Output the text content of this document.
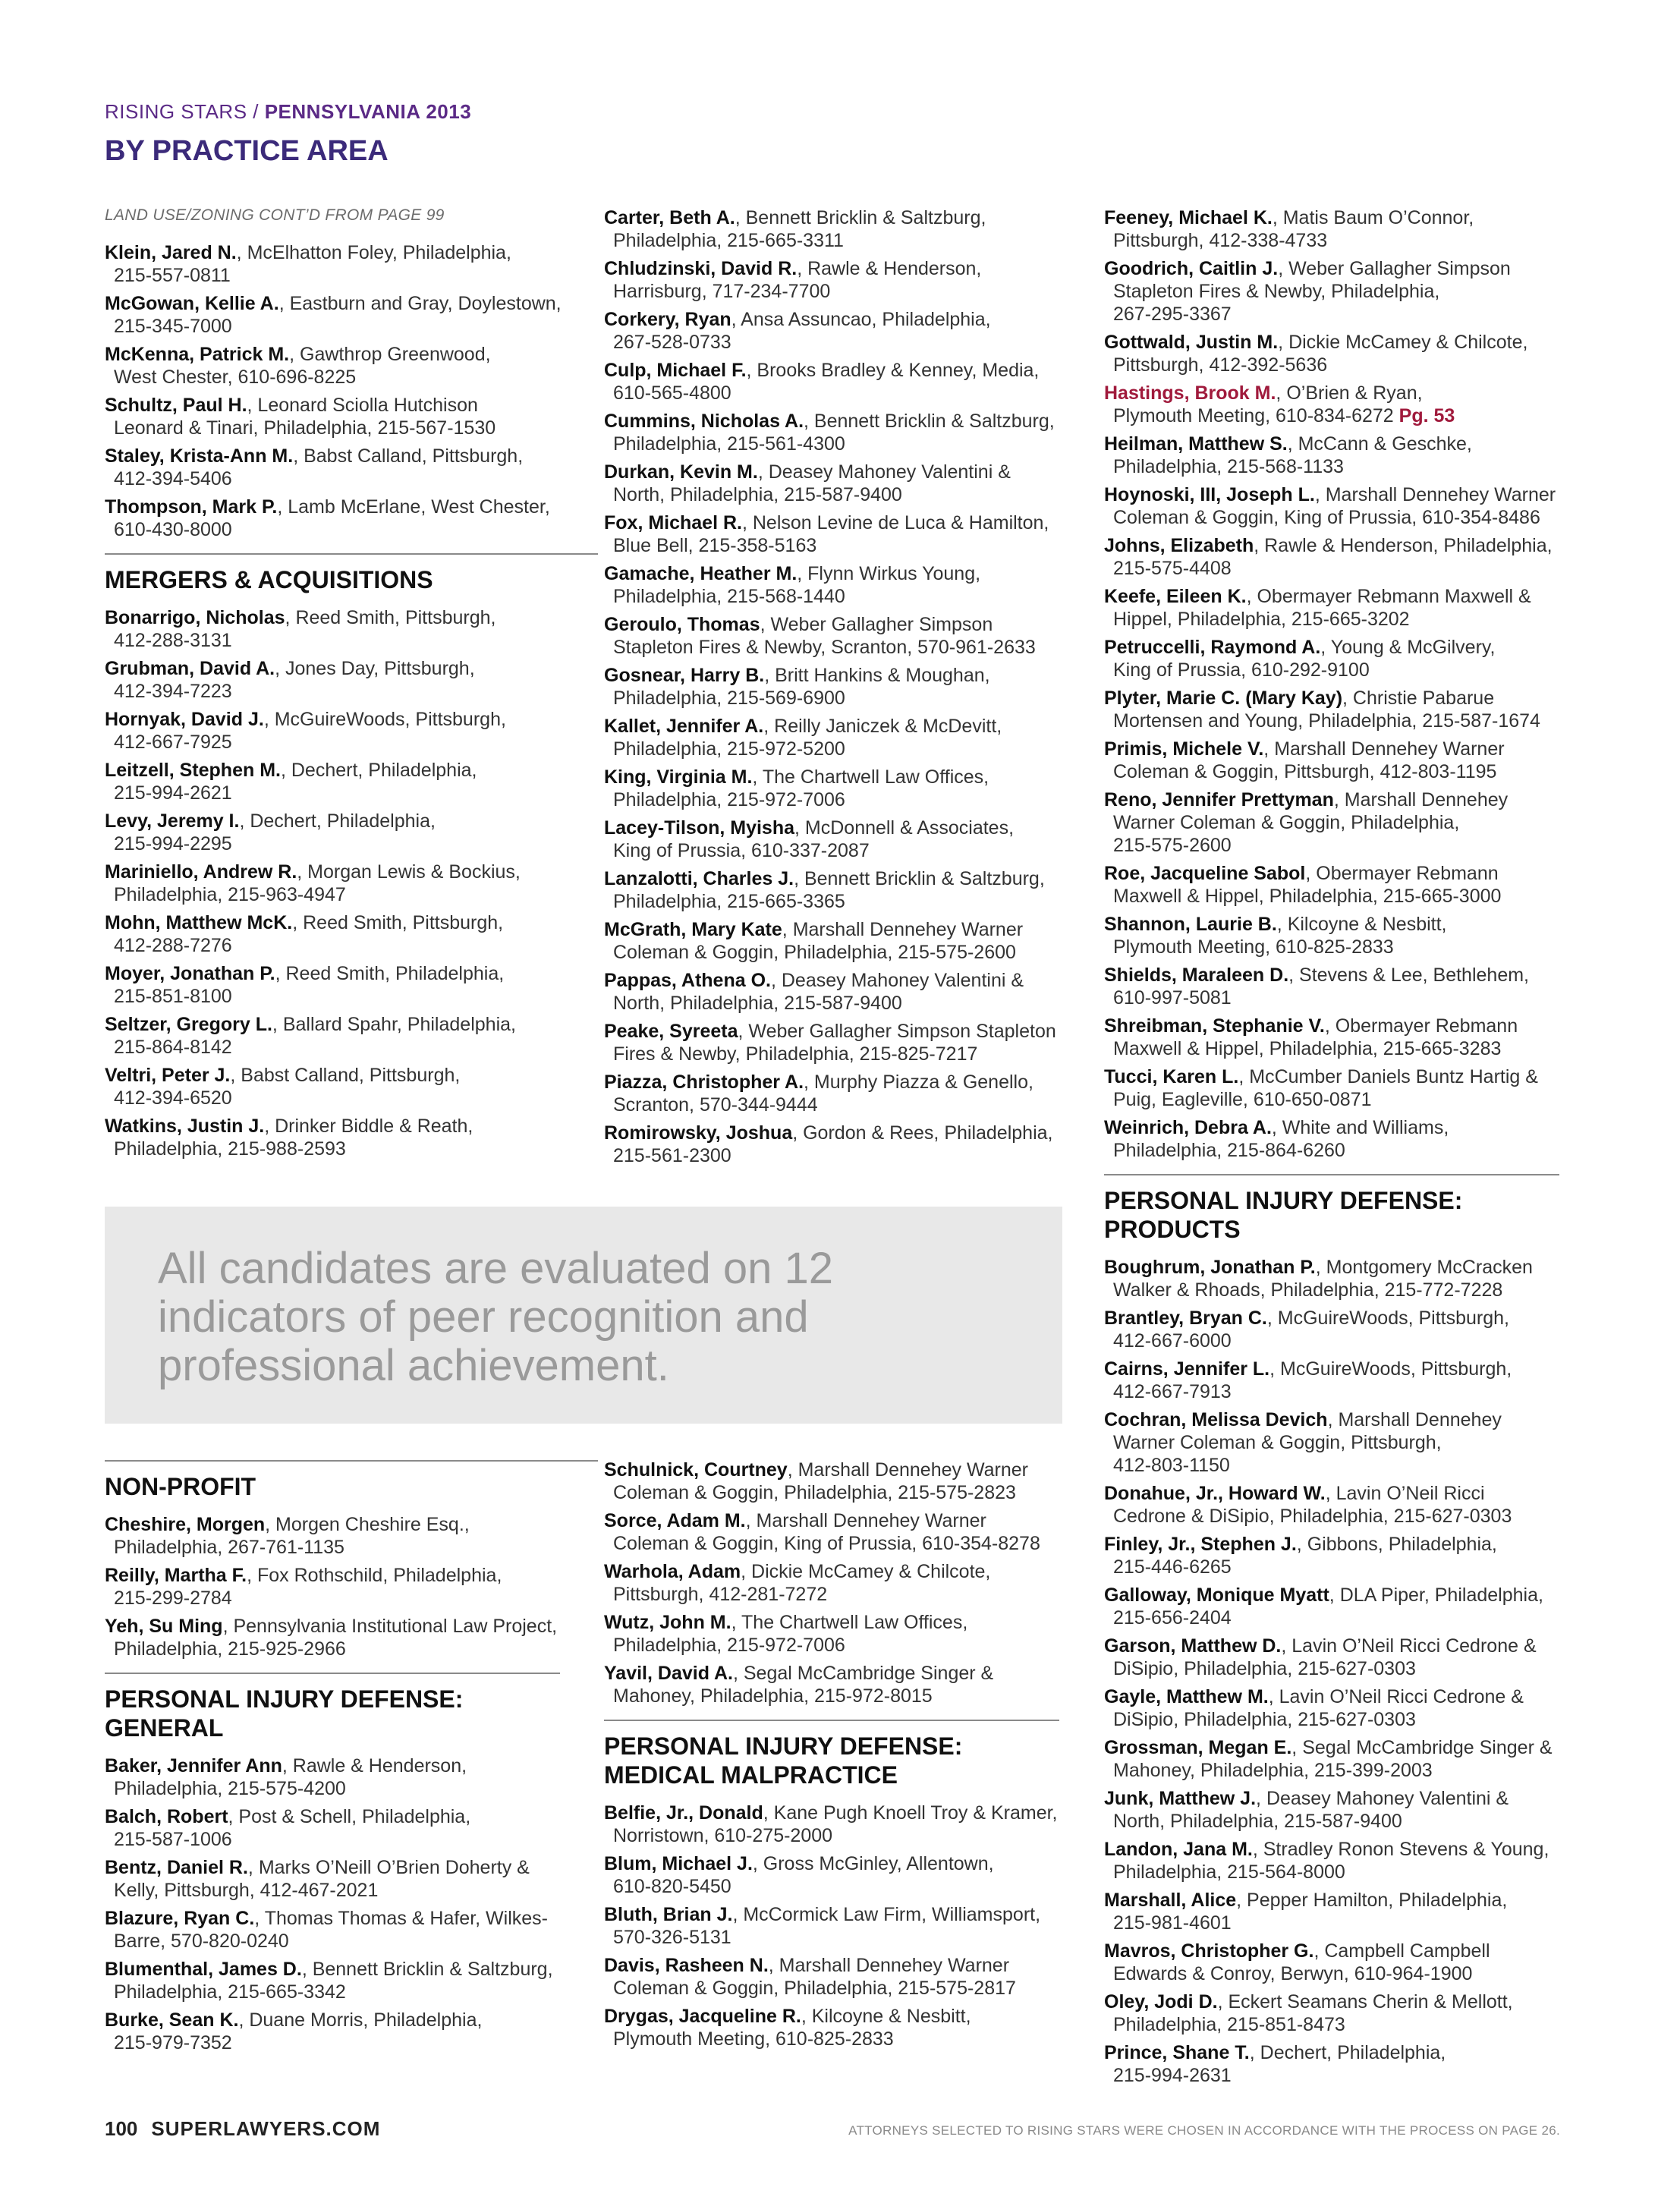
RISING STARS / PENNSYLVANIA 2013
BY PRACTICE AREA
LAND USE/ZONING CONT’D FROM PAGE 99
Klein, Jared N., McElhatton Foley, Philadelphia,
215-557-0811
McGowan, Kellie A., Eastburn and Gray, Doylestown,
215-345-7000
McKenna, Patrick M., Gawthrop Greenwood,
West Chester, 610-696-8225
Schultz, Paul H., Leonard Sciolla Hutchison
Leonard & Tinari, Philadelphia, 215-567-1530
Staley, Krista-Ann M., Babst Calland, Pittsburgh,
412-394-5406
Thompson, Mark P., Lamb McErlane, West Chester,
610-430-8000
MERGERS & ACQUISITIONS
Bonarrigo, Nicholas, Reed Smith, Pittsburgh,
412-288-3131
Grubman, David A., Jones Day, Pittsburgh,
412-394-7223
Hornyak, David J., McGuireWoods, Pittsburgh,
412-667-7925
Leitzell, Stephen M., Dechert, Philadelphia,
215-994-2621
Levy, Jeremy I., Dechert, Philadelphia,
215-994-2295
Mariniello, Andrew R., Morgan Lewis & Bockius,
Philadelphia, 215-963-4947
Mohn, Matthew McK., Reed Smith, Pittsburgh,
412-288-7276
Moyer, Jonathan P., Reed Smith, Philadelphia,
215-851-8100
Seltzer, Gregory L., Ballard Spahr, Philadelphia,
215-864-8142
Veltri, Peter J., Babst Calland, Pittsburgh,
412-394-6520
Watkins, Justin J., Drinker Biddle & Reath,
Philadelphia, 215-988-2593
NON-PROFIT
Cheshire, Morgen, Morgen Cheshire Esq.,
Philadelphia, 267-761-1135
Reilly, Martha F., Fox Rothschild, Philadelphia,
215-299-2784
Yeh, Su Ming, Pennsylvania Institutional Law Project,
Philadelphia, 215-925-2966
PERSONAL INJURY DEFENSE: GENERAL
Baker, Jennifer Ann, Rawle & Henderson,
Philadelphia, 215-575-4200
Balch, Robert, Post & Schell, Philadelphia,
215-587-1006
Bentz, Daniel R., Marks O’Neill O’Brien Doherty &
Kelly, Pittsburgh, 412-467-2021
Blazure, Ryan C., Thomas Thomas & Hafer, Wilkes-
Barre, 570-820-0240
Blumenthal, James D., Bennett Bricklin & Saltzburg,
Philadelphia, 215-665-3342
Burke, Sean K., Duane Morris, Philadelphia,
215-979-7352
Carter, Beth A., Bennett Bricklin & Saltzburg,
Philadelphia, 215-665-3311
Chludzinski, David R., Rawle & Henderson,
Harrisburg, 717-234-7700
Corkery, Ryan, Ansa Assuncao, Philadelphia,
267-528-0733
Culp, Michael F., Brooks Bradley & Kenney, Media,
610-565-4800
Cummins, Nicholas A., Bennett Bricklin & Saltzburg,
Philadelphia, 215-561-4300
Durkan, Kevin M., Deasey Mahoney Valentini &
North, Philadelphia, 215-587-9400
Fox, Michael R., Nelson Levine de Luca & Hamilton,
Blue Bell, 215-358-5163
Gamache, Heather M., Flynn Wirkus Young,
Philadelphia, 215-568-1440
Geroulo, Thomas, Weber Gallagher Simpson
Stapleton Fires & Newby, Scranton, 570-961-2633
Gosnear, Harry B., Britt Hankins & Moughan,
Philadelphia, 215-569-6900
Kallet, Jennifer A., Reilly Janiczek & McDevitt,
Philadelphia, 215-972-5200
King, Virginia M., The Chartwell Law Offices,
Philadelphia, 215-972-7006
Lacey-Tilson, Myisha, McDonnell & Associates,
King of Prussia, 610-337-2087
Lanzalotti, Charles J., Bennett Bricklin & Saltzburg,
Philadelphia, 215-665-3365
McGrath, Mary Kate, Marshall Dennehey Warner
Coleman & Goggin, Philadelphia, 215-575-2600
Pappas, Athena O., Deasey Mahoney Valentini &
North, Philadelphia, 215-587-9400
Peake, Syreeta, Weber Gallagher Simpson Stapleton
Fires & Newby, Philadelphia, 215-825-7217
Piazza, Christopher A., Murphy Piazza & Genello,
Scranton, 570-344-9444
Romirowsky, Joshua, Gordon & Rees, Philadelphia,
215-561-2300
Schulnick, Courtney, Marshall Dennehey Warner
Coleman & Goggin, Philadelphia, 215-575-2823
Sorce, Adam M., Marshall Dennehey Warner
Coleman & Goggin, King of Prussia, 610-354-8278
Warhola, Adam, Dickie McCamey & Chilcote,
Pittsburgh, 412-281-7272
Wutz, John M., The Chartwell Law Offices,
Philadelphia, 215-972-7006
Yavil, David A., Segal McCambridge Singer &
Mahoney, Philadelphia, 215-972-8015
PERSONAL INJURY DEFENSE: MEDICAL MALPRACTICE
Belfie, Jr., Donald, Kane Pugh Knoell Troy & Kramer,
Norristown, 610-275-2000
Blum, Michael J., Gross McGinley, Allentown,
610-820-5450
Bluth, Brian J., McCormick Law Firm, Williamsport,
570-326-5131
Davis, Rasheen N., Marshall Dennehey Warner
Coleman & Goggin, Philadelphia, 215-575-2817
Drygas, Jacqueline R., Kilcoyne & Nesbitt,
Plymouth Meeting, 610-825-2833
Feeney, Michael K., Matis Baum O’Connor,
Pittsburgh, 412-338-4733
Goodrich, Caitlin J., Weber Gallagher Simpson
Stapleton Fires & Newby, Philadelphia,
267-295-3367
Gottwald, Justin M., Dickie McCamey & Chilcote,
Pittsburgh, 412-392-5636
Hastings, Brook M., O’Brien & Ryan,
Plymouth Meeting, 610-834-6272 Pg. 53
Heilman, Matthew S., McCann & Geschke,
Philadelphia, 215-568-1133
Hoynoski, III, Joseph L., Marshall Dennehey Warner
Coleman & Goggin, King of Prussia, 610-354-8486
Johns, Elizabeth, Rawle & Henderson, Philadelphia,
215-575-4408
Keefe, Eileen K., Obermayer Rebmann Maxwell &
Hippel, Philadelphia, 215-665-3202
Petruccelli, Raymond A., Young & McGilvery,
King of Prussia, 610-292-9100
Plyter, Marie C. (Mary Kay), Christie Pabarue
Mortensen and Young, Philadelphia, 215-587-1674
Primis, Michele V., Marshall Dennehey Warner
Coleman & Goggin, Pittsburgh, 412-803-1195
Reno, Jennifer Prettyman, Marshall Dennehey
Warner Coleman & Goggin, Philadelphia,
215-575-2600
Roe, Jacqueline Sabol, Obermayer Rebmann
Maxwell & Hippel, Philadelphia, 215-665-3000
Shannon, Laurie B., Kilcoyne & Nesbitt,
Plymouth Meeting, 610-825-2833
Shields, Maraleen D., Stevens & Lee, Bethlehem,
610-997-5081
Shreibman, Stephanie V., Obermayer Rebmann
Maxwell & Hippel, Philadelphia, 215-665-3283
Tucci, Karen L., McCumber Daniels Buntz Hartig &
Puig, Eagleville, 610-650-0871
Weinrich, Debra A., White and Williams,
Philadelphia, 215-864-6260
PERSONAL INJURY DEFENSE: PRODUCTS
Boughrum, Jonathan P., Montgomery McCracken
Walker & Rhoads, Philadelphia, 215-772-7228
Brantley, Bryan C., McGuireWoods, Pittsburgh,
412-667-6000
Cairns, Jennifer L., McGuireWoods, Pittsburgh,
412-667-7913
Cochran, Melissa Devich, Marshall Dennehey
Warner Coleman & Goggin, Pittsburgh,
412-803-1150
Donahue, Jr., Howard W., Lavin O’Neil Ricci
Cedrone & DiSipio, Philadelphia, 215-627-0303
Finley, Jr., Stephen J., Gibbons, Philadelphia,
215-446-6265
Galloway, Monique Myatt, DLA Piper, Philadelphia,
215-656-2404
Garson, Matthew D., Lavin O’Neil Ricci Cedrone &
DiSipio, Philadelphia, 215-627-0303
Gayle, Matthew M., Lavin O’Neil Ricci Cedrone &
DiSipio, Philadelphia, 215-627-0303
Grossman, Megan E., Segal McCambridge Singer &
Mahoney, Philadelphia, 215-399-2003
Junk, Matthew J., Deasey Mahoney Valentini &
North, Philadelphia, 215-587-9400
Landon, Jana M., Stradley Ronon Stevens & Young,
Philadelphia, 215-564-8000
Marshall, Alice, Pepper Hamilton, Philadelphia,
215-981-4601
Mavros, Christopher G., Campbell Campbell
Edwards & Conroy, Berwyn, 610-964-1900
Oley, Jodi D., Eckert Seamans Cherin & Mellott,
Philadelphia, 215-851-8473
Prince, Shane T., Dechert, Philadelphia,
215-994-2631
All candidates are evaluated on 12 indicators of peer recognition and professional achievement.
100 SUPERLAWYERS.COM	ATTORNEYS SELECTED TO RISING STARS WERE CHOSEN IN ACCORDANCE WITH THE PROCESS ON PAGE 26.
